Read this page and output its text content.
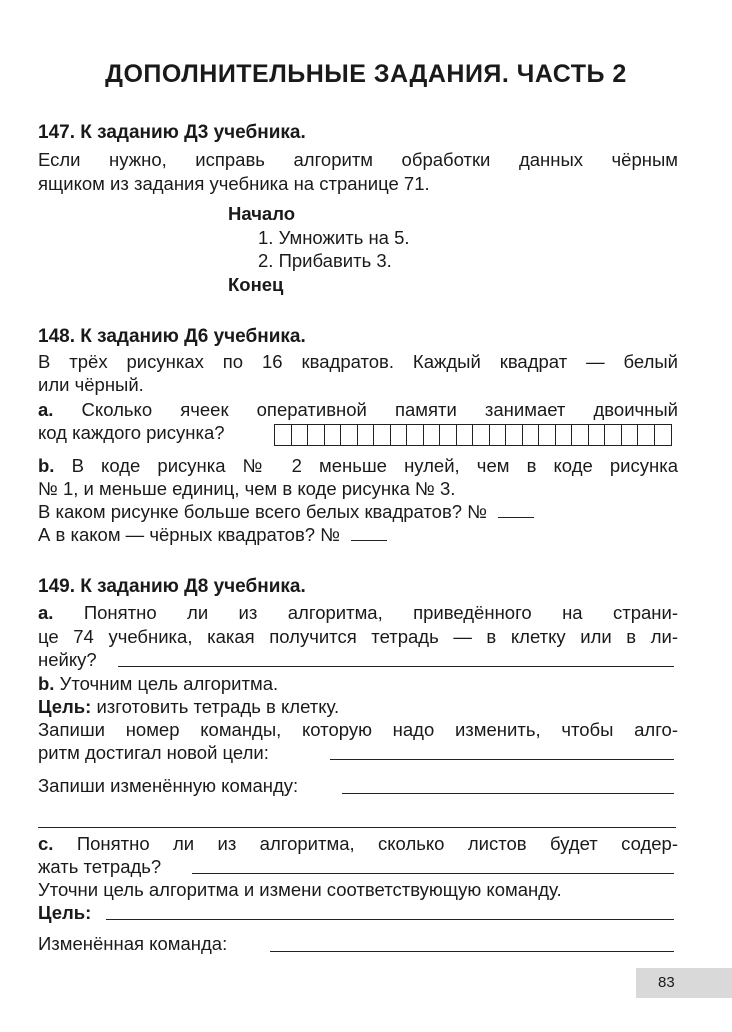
ДОПОЛНИТЕЛЬНЫЕ ЗАДАНИЯ. ЧАСТЬ 2
147. К заданию Д3 учебника.
Если нужно, исправь алгоритм обработки данных чёрным
ящиком из задания учебника на странице 71.
Начало
1. Умножить на 5.
2. Прибавить 3.
Конец
148. К заданию Д6 учебника.
В трёх рисунках по 16 квадратов. Каждый квадрат — белый
или чёрный.
а. Сколько ячеек оперативной памяти занимает двоичный
код каждого рисунка?
b. В коде рисунка № 2 меньше нулей, чем в коде рисунка
№ 1, и меньше единиц, чем в коде рисунка № 3.
В каком рисунке больше всего белых квадратов? №
А в каком — чёрных квадратов? №
149. К заданию Д8 учебника.
а. Понятно ли из алгоритма, приведённого на страни-
це 74 учебника, какая получится тетрадь — в клетку или в ли-
нейку?
b. Уточним цель алгоритма.
Цель: изготовить тетрадь в клетку.
Запиши номер команды, которую надо изменить, чтобы алго-
ритм достигал новой цели:
Запиши изменённую команду:
с. Понятно ли из алгоритма, сколько листов будет содер-
жать тетрадь?
Уточни цель алгоритма и измени соответствующую команду.
Цель:
Изменённая команда:
83
